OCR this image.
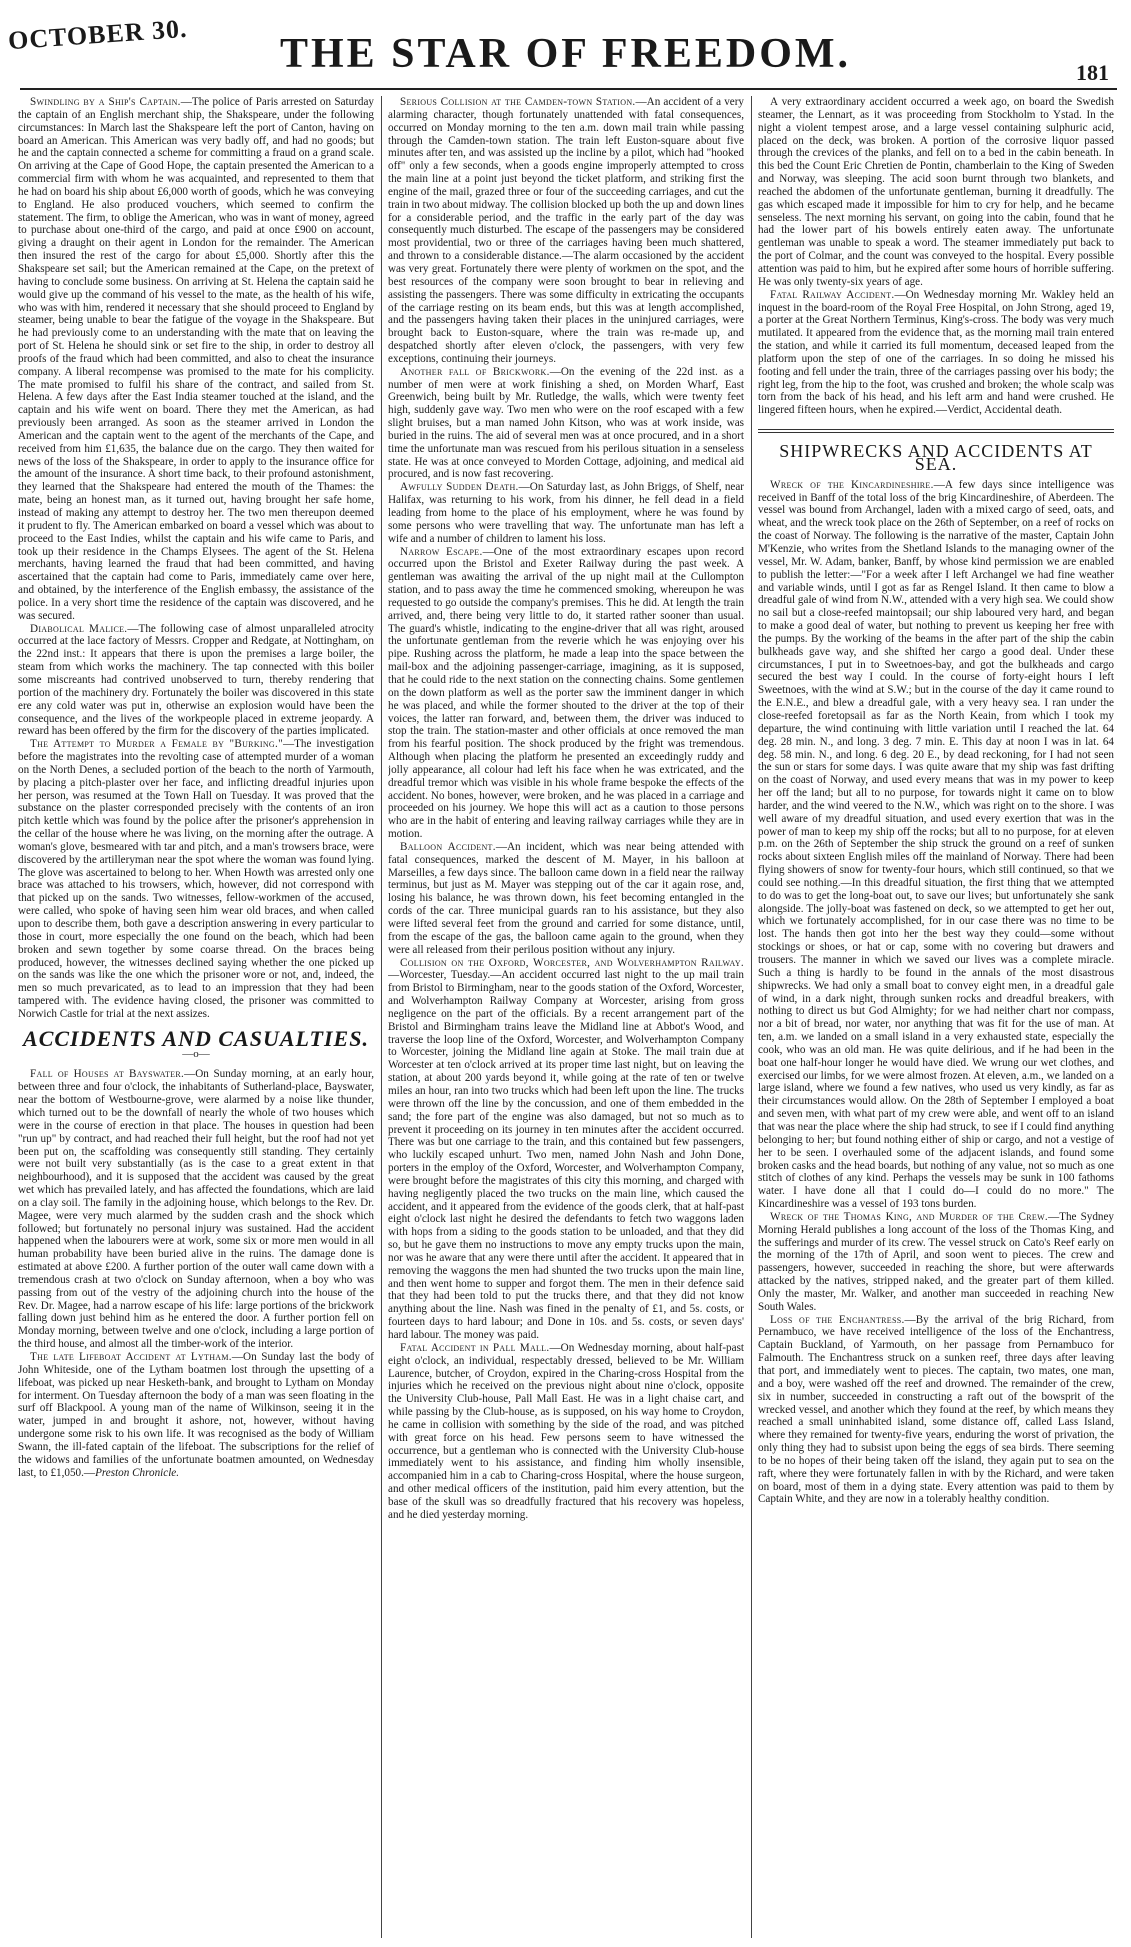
OCTOBER 30.	THE STAR OF FREEDOM.	181

Swindling by a Ship's Captain.—The police of Paris arrested on Saturday the captain of an English merchant ship, the Shakspeare, under the following circumstances: In March last the Shakspeare left the port of Canton, having on board an American. This American was very badly off, and had no goods; but he and the captain connected a scheme for committing a fraud on a grand scale. On arriving at the Cape of Good Hope, the captain presented the American to a commercial firm with whom he was acquainted, and represented to them that he had on board his ship about £6,000 worth of goods, which he was conveying to England. He also produced vouchers, which seemed to confirm the statement. The firm, to oblige the American, who was in want of money, agreed to purchase about one-third of the cargo, and paid at once £900 on account, giving a draught on their agent in London for the remainder. The American then insured the rest of the cargo for about £5,000. Shortly after this the Shakspeare set sail; but the American remained at the Cape, on the pretext of having to conclude some business. On arriving at St. Helena the captain said he would give up the command of his vessel to the mate, as the health of his wife, who was with him, rendered it necessary that she should proceed to England by steamer, being unable to bear the fatigue of the voyage in the Shakspeare. But he had previously come to an understanding with the mate that on leaving the port of St. Helena he should sink or set fire to the ship, in order to destroy all proofs of the fraud which had been committed, and also to cheat the insurance company. A liberal recompense was promised to the mate for his complicity. The mate promised to fulfil his share of the contract, and sailed from St. Helena. A few days after the East India steamer touched at the island, and the captain and his wife went on board. There they met the American, as had previously been arranged. As soon as the steamer arrived in London the American and the captain went to the agent of the merchants of the Cape, and received from him £1,635, the balance due on the cargo. They then waited for news of the loss of the Shakspeare, in order to apply to the insurance office for the amount of the insurance. A short time back, to their profound astonishment, they learned that the Shakspeare had entered the mouth of the Thames: the mate, being an honest man, as it turned out, having brought her safe home, instead of making any attempt to destroy her. The two men thereupon deemed it prudent to fly. The American embarked on board a vessel which was about to proceed to the East Indies, whilst the captain and his wife came to Paris, and took up their residence in the Champs Elysees. The agent of the St. Helena merchants, having learned the fraud that had been committed, and having ascertained that the captain had come to Paris, immediately came over here, and obtained, by the interference of the English embassy, the assistance of the police. In a very short time the residence of the captain was discovered, and he was secured.

Diabolical Malice.—The following case of almost unparalleled atrocity occurred at the lace factory of Messrs. Cropper and Redgate, at Nottingham, on the 22nd inst.: It appears that there is upon the premises a large boiler, the steam from which works the machinery. The tap connected with this boiler some miscreants had contrived unobserved to turn, thereby rendering that portion of the machinery dry. Fortunately the boiler was discovered in this state ere any cold water was put in, otherwise an explosion would have been the consequence, and the lives of the workpeople placed in extreme jeopardy. A reward has been offered by the firm for the discovery of the parties implicated.

The Attempt to Murder a Female by "Burking."—The investigation before the magistrates into the revolting case of attempted murder of a woman on the North Denes, a secluded portion of the beach to the north of Yarmouth, by placing a pitch-plaster over her face, and inflicting dreadful injuries upon her person, was resumed at the Town Hall on Tuesday. It was proved that the substance on the plaster corresponded precisely with the contents of an iron pitch kettle which was found by the police after the prisoner's apprehension in the cellar of the house where he was living, on the morning after the outrage. A woman's glove, besmeared with tar and pitch, and a man's trowsers brace, were discovered by the artilleryman near the spot where the woman was found lying. The glove was ascertained to belong to her. When Howth was arrested only one brace was attached to his trowsers, which, however, did not correspond with that picked up on the sands. Two witnesses, fellow-workmen of the accused, were called, who spoke of having seen him wear old braces, and when called upon to describe them, both gave a description answering in every particular to those in court, more especially the one found on the beach, which had been broken and sewn together by some coarse thread. On the braces being produced, however, the witnesses declined saying whether the one picked up on the sands was like the one which the prisoner wore or not, and, indeed, the men so much prevaricated, as to lead to an impression that they had been tampered with. The evidence having closed, the prisoner was committed to Norwich Castle for trial at the next assizes.

ACCIDENTS AND CASUALTIES.
—o—

Fall of Houses at Bayswater.—On Sunday morning, at an early hour, between three and four o'clock, the inhabitants of Sutherland-place, Bayswater, near the bottom of Westbourne-grove, were alarmed by a noise like thunder, which turned out to be the downfall of nearly the whole of two houses which were in the course of erection in that place. The houses in question had been "run up" by contract, and had reached their full height, but the roof had not yet been put on, the scaffolding was consequently still standing. They certainly were not built very substantially (as is the case to a great extent in that neighbourhood), and it is supposed that the accident was caused by the great wet which has prevailed lately, and has affected the foundations, which are laid on a clay soil. The family in the adjoining house, which belongs to the Rev. Dr. Magee, were very much alarmed by the sudden crash and the shock which followed; but fortunately no personal injury was sustained. Had the accident happened when the labourers were at work, some six or more men would in all human probability have been buried alive in the ruins. The damage done is estimated at above £200. A further portion of the outer wall came down with a tremendous crash at two o'clock on Sunday afternoon, when a boy who was passing from out of the vestry of the adjoining church into the house of the Rev. Dr. Magee, had a narrow escape of his life: large portions of the brickwork falling down just behind him as he entered the door. A further portion fell on Monday morning, between twelve and one o'clock, including a large portion of the third house, and almost all the timber-work of the interior.

The late Lifeboat Accident at Lytham.—On Sunday last the body of John Whiteside, one of the Lytham boatmen lost through the upsetting of a lifeboat, was picked up near Hesketh-bank, and brought to Lytham on Monday for interment. On Tuesday afternoon the body of a man was seen floating in the surf off Blackpool. A young man of the name of Wilkinson, seeing it in the water, jumped in and brought it ashore, not, however, without having undergone some risk to his own life. It was recognised as the body of William Swann, the ill-fated captain of the lifeboat. The subscriptions for the relief of the widows and families of the unfortunate boatmen amounted, on Wednesday last, to £1,050.—Preston Chronicle.

Serious Collision at the Camden-town Station.—An accident of a very alarming character, though fortunately unattended with fatal consequences, occurred on Monday morning to the ten a.m. down mail train while passing through the Camden-town station. The train left Euston-square about five minutes after ten, and was assisted up the incline by a pilot, which had "hooked off" only a few seconds, when a goods engine improperly attempted to cross the main line at a point just beyond the ticket platform, and striking first the engine of the mail, grazed three or four of the succeeding carriages, and cut the train in two about midway. The collision blocked up both the up and down lines for a considerable period, and the traffic in the early part of the day was consequently much disturbed. The escape of the passengers may be considered most providential, two or three of the carriages having been much shattered, and thrown to a considerable distance.—The alarm occasioned by the accident was very great. Fortunately there were plenty of workmen on the spot, and the best resources of the company were soon brought to bear in relieving and assisting the passengers. There was some difficulty in extricating the occupants of the carriage resting on its beam ends, but this was at length accomplished, and the passengers having taken their places in the uninjured carriages, were brought back to Euston-square, where the train was re-made up, and despatched shortly after eleven o'clock, the passengers, with very few exceptions, continuing their journeys.

Another fall of Brickwork.—On the evening of the 22d inst. as a number of men were at work finishing a shed, on Morden Wharf, East Greenwich, being built by Mr. Rutledge, the walls, which were twenty feet high, suddenly gave way. Two men who were on the roof escaped with a few slight bruises, but a man named John Kitson, who was at work inside, was buried in the ruins. The aid of several men was at once procured, and in a short time the unfortunate man was rescued from his perilous situation in a senseless state. He was at once conveyed to Morden Cottage, adjoining, and medical aid procured, and is now fast recovering.

Awfully Sudden Death.—On Saturday last, as John Briggs, of Shelf, near Halifax, was returning to his work, from his dinner, he fell dead in a field leading from home to the place of his employment, where he was found by some persons who were travelling that way. The unfortunate man has left a wife and a number of children to lament his loss.

Narrow Escape.—One of the most extraordinary escapes upon record occurred upon the Bristol and Exeter Railway during the past week. A gentleman was awaiting the arrival of the up night mail at the Cullompton station, and to pass away the time he commenced smoking, whereupon he was requested to go outside the company's premises. This he did. At length the train arrived, and, there being very little to do, it started rather sooner than usual. The guard's whistle, indicating to the engine-driver that all was right, aroused the unfortunate gentleman from the reverie which he was enjoying over his pipe. Rushing across the platform, he made a leap into the space between the mail-box and the adjoining passenger-carriage, imagining, as it is supposed, that he could ride to the next station on the connecting chains. Some gentlemen on the down platform as well as the porter saw the imminent danger in which he was placed, and while the former shouted to the driver at the top of their voices, the latter ran forward, and, between them, the driver was induced to stop the train. The station-master and other officials at once removed the man from his fearful position. The shock produced by the fright was tremendous. Although when placing the platform he presented an exceedingly ruddy and jolly appearance, all colour had left his face when he was extricated, and the dreadful tremor which was visible in his whole frame bespoke the effects of the accident. No bones, however, were broken, and he was placed in a carriage and proceeded on his journey. We hope this will act as a caution to those persons who are in the habit of entering and leaving railway carriages while they are in motion.

Balloon Accident.—An incident, which was near being attended with fatal consequences, marked the descent of M. Mayer, in his balloon at Marseilles, a few days since. The balloon came down in a field near the railway terminus, but just as M. Mayer was stepping out of the car it again rose, and, losing his balance, he was thrown down, his feet becoming entangled in the cords of the car. Three municipal guards ran to his assistance, but they also were lifted several feet from the ground and carried for some distance, until, from the escape of the gas, the balloon came again to the ground, when they were all released from their perilous position without any injury.

Collision on the Oxford, Worcester, and Wolverhampton Railway.—Worcester, Tuesday.—An accident occurred last night to the up mail train from Bristol to Birmingham, near to the goods station of the Oxford, Worcester, and Wolverhampton Railway Company at Worcester, arising from gross negligence on the part of the officials. By a recent arrangement part of the Bristol and Birmingham trains leave the Midland line at Abbot's Wood, and traverse the loop line of the Oxford, Worcester, and Wolverhampton Company to Worcester, joining the Midland line again at Stoke. The mail train due at Worcester at ten o'clock arrived at its proper time last night, but on leaving the station, at about 200 yards beyond it, while going at the rate of ten or twelve miles an hour, ran into two trucks which had been left upon the line. The trucks were thrown off the line by the concussion, and one of them embedded in the sand; the fore part of the engine was also damaged, but not so much as to prevent it proceeding on its journey in ten minutes after the accident occurred. There was but one carriage to the train, and this contained but few passengers, who luckily escaped unhurt. Two men, named John Nash and John Done, porters in the employ of the Oxford, Worcester, and Wolverhampton Company, were brought before the magistrates of this city this morning, and charged with having negligently placed the two trucks on the main line, which caused the accident, and it appeared from the evidence of the goods clerk, that at half-past eight o'clock last night he desired the defendants to fetch two waggons laden with hops from a siding to the goods station to be unloaded, and that they did so, but he gave them no instructions to move any empty trucks upon the main, nor was he aware that any were there until after the accident. It appeared that in removing the waggons the men had shunted the two trucks upon the main line, and then went home to supper and forgot them. The men in their defence said that they had been told to put the trucks there, and that they did not know anything about the line. Nash was fined in the penalty of £1, and 5s. costs, or fourteen days to hard labour; and Done in 10s. and 5s. costs, or seven days' hard labour. The money was paid.

Fatal Accident in Pall Mall.—On Wednesday morning, about half-past eight o'clock, an individual, respectably dressed, believed to be Mr. William Laurence, butcher, of Croydon, expired in the Charing-cross Hospital from the injuries which he received on the previous night about nine o'clock, opposite the University Club-house, Pall Mall East. He was in a light chaise cart, and while passing by the Club-house, as is supposed, on his way home to Croydon, he came in collision with something by the side of the road, and was pitched with great force on his head. Few persons seem to have witnessed the occurrence, but a gentleman who is connected with the University Club-house immediately went to his assistance, and finding him wholly insensible, accompanied him in a cab to Charing-cross Hospital, where the house surgeon, and other medical officers of the institution, paid him every attention, but the base of the skull was so dreadfully fractured that his recovery was hopeless, and he died yesterday morning.

A very extraordinary accident occurred a week ago, on board the Swedish steamer, the Lennart, as it was proceeding from Stockholm to Ystad. In the night a violent tempest arose, and a large vessel containing sulphuric acid, placed on the deck, was broken. A portion of the corrosive liquor passed through the crevices of the planks, and fell on to a bed in the cabin beneath. In this bed the Count Eric Chretien de Pontin, chamberlain to the King of Sweden and Norway, was sleeping. The acid soon burnt through two blankets, and reached the abdomen of the unfortunate gentleman, burning it dreadfully. The gas which escaped made it impossible for him to cry for help, and he became senseless. The next morning his servant, on going into the cabin, found that he had the lower part of his bowels entirely eaten away. The unfortunate gentleman was unable to speak a word. The steamer immediately put back to the port of Colmar, and the count was conveyed to the hospital. Every possible attention was paid to him, but he expired after some hours of horrible suffering. He was only twenty-six years of age.

Fatal Railway Accident.—On Wednesday morning Mr. Wakley held an inquest in the board-room of the Royal Free Hospital, on John Strong, aged 19, a porter at the Great Northern Terminus, King's-cross. The body was very much mutilated. It appeared from the evidence that, as the morning mail train entered the station, and while it carried its full momentum, deceased leaped from the platform upon the step of one of the carriages. In so doing he missed his footing and fell under the train, three of the carriages passing over his body; the right leg, from the hip to the foot, was crushed and broken; the whole scalp was torn from the back of his head, and his left arm and hand were crushed. He lingered fifteen hours, when he expired.—Verdict, Accidental death.

SHIPWRECKS AND ACCIDENTS AT SEA.

Wreck of the Kincardineshire.—A few days since intelligence was received in Banff of the total loss of the brig Kincardineshire, of Aberdeen. The vessel was bound from Archangel, laden with a mixed cargo of seed, oats, and wheat, and the wreck took place on the 26th of September, on a reef of rocks on the coast of Norway. The following is the narrative of the master, Captain John M'Kenzie, who writes from the Shetland Islands to the managing owner of the vessel, Mr. W. Adam, banker, Banff, by whose kind permission we are enabled to publish the letter:—"For a week after I left Archangel we had fine weather and variable winds, until I got as far as Rengel Island. It then came to blow a dreadful gale of wind from N.W., attended with a very high sea. We could show no sail but a close-reefed maintopsail; our ship laboured very hard, and began to make a good deal of water, but nothing to prevent us keeping her free with the pumps. By the working of the beams in the after part of the ship the cabin bulkheads gave way, and she shifted her cargo a good deal. Under these circumstances, I put in to Sweetnoes-bay, and got the bulkheads and cargo secured the best way I could. In the course of forty-eight hours I left Sweetnoes, with the wind at S.W.; but in the course of the day it came round to the E.N.E., and blew a dreadful gale, with a very heavy sea. I ran under the close-reefed foretopsail as far as the North Keain, from which I took my departure, the wind continuing with little variation until I reached the lat. 64 deg. 28 min. N., and long. 3 deg. 7 min. E. This day at noon I was in lat. 64 deg. 58 min. N., and long. 6 deg. 20 E., by dead reckoning, for I had not seen the sun or stars for some days. I was quite aware that my ship was fast drifting on the coast of Norway, and used every means that was in my power to keep her off the land; but all to no purpose, for towards night it came on to blow harder, and the wind veered to the N.W., which was right on to the shore. I was well aware of my dreadful situation, and used every exertion that was in the power of man to keep my ship off the rocks; but all to no purpose, for at eleven p.m. on the 26th of September the ship struck the ground on a reef of sunken rocks about sixteen English miles off the mainland of Norway. There had been flying showers of snow for twenty-four hours, which still continued, so that we could see nothing.—In this dreadful situation, the first thing that we attempted to do was to get the long-boat out, to save our lives; but unfortunately she sank alongside. The jolly-boat was fastened on deck, so we attempted to get her out, which we fortunately accomplished, for in our case there was no time to be lost. The hands then got into her the best way they could—some without stockings or shoes, or hat or cap, some with no covering but drawers and trousers. The manner in which we saved our lives was a complete miracle. Such a thing is hardly to be found in the annals of the most disastrous shipwrecks. We had only a small boat to convey eight men, in a dreadful gale of wind, in a dark night, through sunken rocks and dreadful breakers, with nothing to direct us but God Almighty; for we had neither chart nor compass, nor a bit of bread, nor water, nor anything that was fit for the use of man. At ten, a.m. we landed on a small island in a very exhausted state, especially the cook, who was an old man. He was quite delirious, and if he had been in the boat one half-hour longer he would have died. We wrung our wet clothes, and exercised our limbs, for we were almost frozen. At eleven, a.m., we landed on a large island, where we found a few natives, who used us very kindly, as far as their circumstances would allow. On the 28th of September I employed a boat and seven men, with what part of my crew were able, and went off to an island that was near the place where the ship had struck, to see if I could find anything belonging to her; but found nothing either of ship or cargo, and not a vestige of her to be seen. I overhauled some of the adjacent islands, and found some broken casks and the head boards, but nothing of any value, not so much as one stitch of clothes of any kind. Perhaps the vessels may be sunk in 100 fathoms water. I have done all that I could do—I could do no more." The Kincardineshire was a vessel of 193 tons burden.

Wreck of the Thomas King, and Murder of the Crew.—The Sydney Morning Herald publishes a long account of the loss of the Thomas King, and the sufferings and murder of its crew. The vessel struck on Cato's Reef early on the morning of the 17th of April, and soon went to pieces. The crew and passengers, however, succeeded in reaching the shore, but were afterwards attacked by the natives, stripped naked, and the greater part of them killed. Only the master, Mr. Walker, and another man succeeded in reaching New South Wales.

Loss of the Enchantress.—By the arrival of the brig Richard, from Pernambuco, we have received intelligence of the loss of the Enchantress, Captain Buckland, of Yarmouth, on her passage from Pernambuco for Falmouth. The Enchantress struck on a sunken reef, three days after leaving that port, and immediately went to pieces. The captain, two mates, one man, and a boy, were washed off the reef and drowned. The remainder of the crew, six in number, succeeded in constructing a raft out of the bowsprit of the wrecked vessel, and another which they found at the reef, by which means they reached a small uninhabited island, some distance off, called Lass Island, where they remained for twenty-five years, enduring the worst of privation, the only thing they had to subsist upon being the eggs of sea birds. There seeming to be no hopes of their being taken off the island, they again put to sea on the raft, where they were fortunately fallen in with by the Richard, and were taken on board, most of them in a dying state. Every attention was paid to them by Captain White, and they are now in a tolerably healthy condition.
